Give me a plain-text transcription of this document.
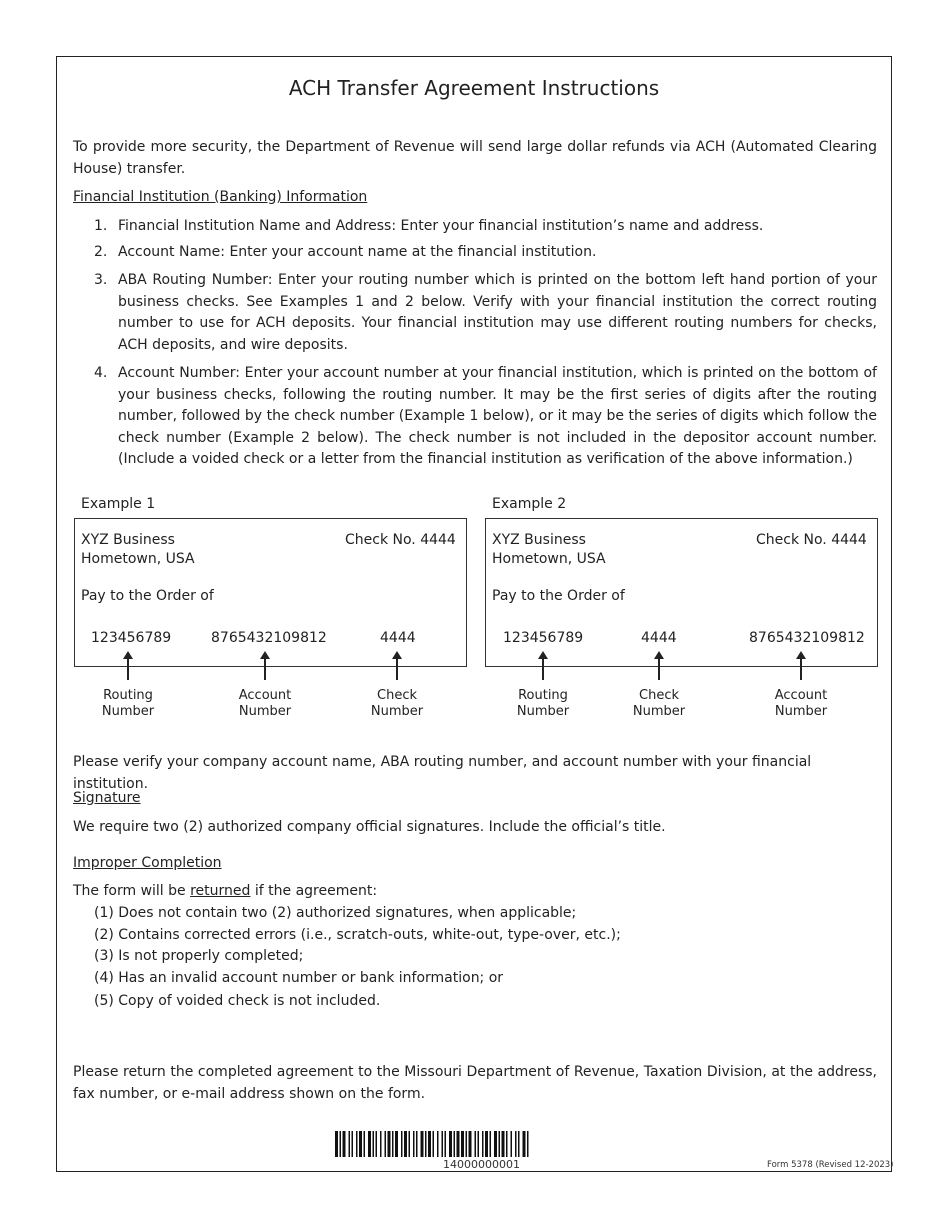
ACH Transfer Agreement Instructions
To provide more security, the Department of Revenue will send large dollar refunds via ACH (Automated Clearing House) transfer.
Financial Institution (Banking) Information
1. Financial Institution Name and Address: Enter your financial institution’s name and address.
2. Account Name: Enter your account name at the financial institution.
3. ABA Routing Number: Enter your routing number which is printed on the bottom left hand portion of your business checks. See Examples 1 and 2 below. Verify with your financial institution the correct routing number to use for ACH deposits. Your financial institution may use different routing numbers for checks, ACH deposits, and wire deposits.
4. Account Number: Enter your account number at your financial institution, which is printed on the bottom of your business checks, following the routing number. It may be the first series of digits after the routing number, followed by the check number (Example 1 below), or it may be the series of digits which follow the check number (Example 2 below). The check number is not included in the depositor account number. (Include a voided check or a letter from the financial institution as verification of the above information.)
Example 1
XYZ Business
Hometown, USA
Check No. 4444
Pay to the Order of
123456789	8765432109812	4444
Routing
Number
Account
Number
Check
Number
Example 2
XYZ Business
Hometown, USA
Check No. 4444
Pay to the Order of
123456789	4444	8765432109812
Routing
Number
Check
Number
Account
Number
Please verify your company account name, ABA routing number, and account number with your financial institution.
Signature
We require two (2) authorized company official signatures. Include the official’s title.
Improper Completion
The form will be returned if the agreement:
(1) Does not contain two (2) authorized signatures, when applicable;
(2) Contains corrected errors (i.e., scratch-outs, white-out, type-over, etc.);
(3) Is not properly completed;
(4) Has an invalid account number or bank information; or
(5) Copy of voided check is not included.
Please return the completed agreement to the Missouri Department of Revenue, Taxation Division, at the address, fax number, or e-mail address shown on the form.
14000000001	Form 5378 (Revised 12-2023)
